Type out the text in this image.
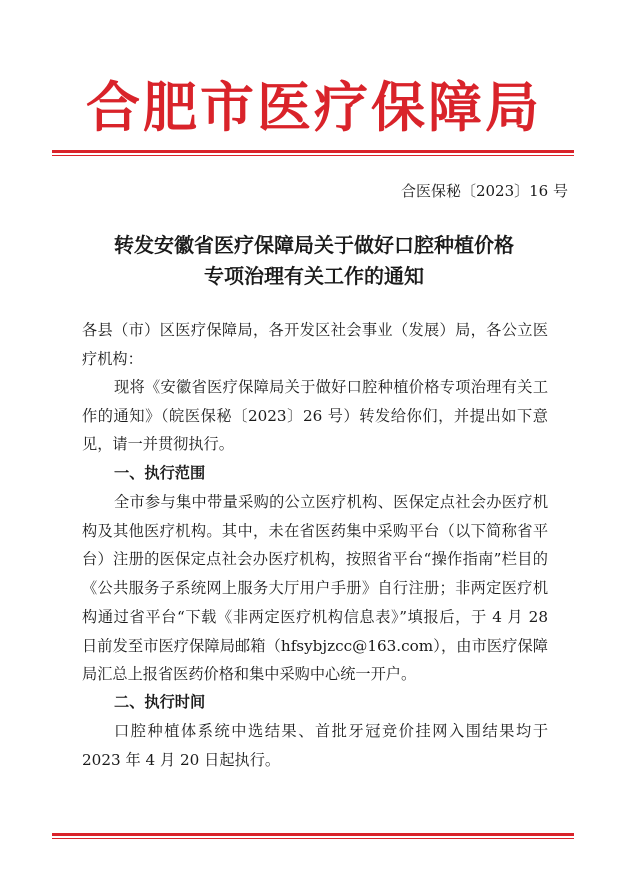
合肥市医疗保障局
合医保秘〔2023〕16 号
转发安徽省医疗保障局关于做好口腔种植价格
专项治理有关工作的通知
各县（市）区医疗保障局，各开发区社会事业（发展）局，各公立医疗机构：

现将《安徽省医疗保障局关于做好口腔种植价格专项治理有关工作的通知》（皖医保秘〔2023〕26 号）转发给你们，并提出如下意见，请一并贯彻执行。

一、执行范围

全市参与集中带量采购的公立医疗机构、医保定点社会办医疗机构及其他医疗机构。其中，未在省医药集中采购平台（以下简称省平台）注册的医保定点社会办医疗机构，按照省平台“操作指南”栏目的《公共服务子系统网上服务大厅用户手册》自行注册；非两定医疗机构通过省平台“下载《非两定医疗机构信息表》”填报后，于 4 月 28 日前发至市医疗保障局邮箱（hfsybjzcc@163.com），由市医疗保障局汇总上报省医药价格和集中采购中心统一开户。

二、执行时间

口腔种植体系统中选结果、首批牙冠竞价挂网入围结果均于 2023 年 4 月 20 日起执行。
